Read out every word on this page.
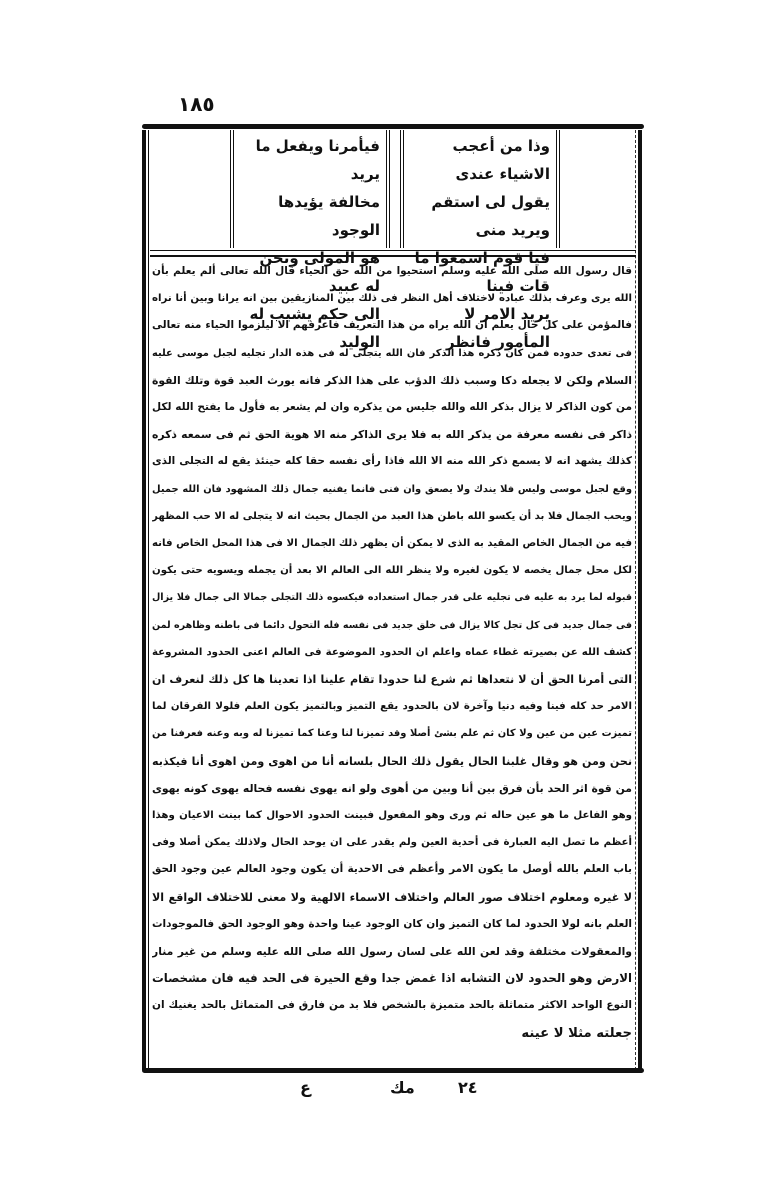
١٨٥
وذا من أعجب الاشياء عندى
يقول لى استقم ويريد منى
فيا قوم اسمعوا ما قات فينا
يريد الامر لا المأمور فانظر
فيأمرنا ويفعل ما يريد
مخالفة يؤيدها الوجود
هو المولى ونحن له عبيد
الى حكم يشيب له الوليد
قال رسول الله صلى الله عليه وسلم استحيوا من الله حق الحياء قال الله تعالى ألم يعلم بأن
الله يرى وعرف بذلك عباده لاختلاف أهل النظر فى ذلك بين المنازيقين بين انه يرانا وبين أنا نراه
فالمؤمن على كل حال يعلم ان الله يراه من هذا التعريف فاعرفهم الا ليلزموا الحياء منه تعالى
فى تعدى حدوده فمن كان ذكره هذا الذكر فان الله يتجلى له فى هذه الدار تجليه لجبل موسى عليه
السلام ولكن لا يجعله دكا وسبب ذلك الدؤب على هذا الذكر فانه يورث العبد قوة وتلك القوة
من كون الذاكر لا يزال بذكر الله والله جليس من يذكره وان لم يشعر به فأول ما يفتح الله لكل
ذاكر فى نفسه معرفة من يذكر الله به فلا يرى الذاكر منه الا هوية الحق ثم فى سمعه ذكره
كذلك يشهد انه لا يسمع ذكر الله منه الا الله فاذا رأى نفسه حقا كله حينئذ يقع له التجلى الذى
وقع لجبل موسى وليس فلا يندك ولا يصعق وان فنى فانما يفنيه جمال ذلك المشهود فان الله جميل
ويحب الجمال فلا بد أن يكسو الله باطن هذا العبد من الجمال بحيث انه لا يتجلى له الا حب المظهر
فيه من الجمال الخاص المقيد به الذى لا يمكن أن يظهر ذلك الجمال الا فى هذا المحل الخاص فانه
لكل محل جمال يخصه لا يكون لغيره ولا ينظر الله الى العالم الا بعد أن يجمله ويسويه حتى يكون
قبوله لما يرد به عليه فى تجليه على قدر جمال استعداده فيكسوه ذلك التجلى جمالا الى جمال فلا يزال
فى جمال جديد فى كل تجل كالا يزال فى خلق جديد فى نفسه فله التحول دائما فى باطنه وظاهره لمن
كشف الله عن بصيرته غطاء عماه واعلم ان الحدود الموضوعة فى العالم اعنى الحدود المشروعة
التى أمرنا الحق أن لا نتعداها ثم شرع لنا حدودا تقام علينا اذا تعدينا ها كل ذلك لنعرف ان
الامر حد كله فينا وفيه دنيا وآخرة لان بالحدود يقع التميز وبالتميز يكون العلم فلولا الفرقان لما
تميزت عين من عين ولا كان ثم علم بشئ أصلا وقد تميزنا لنا وعنا كما تميزنا له وبه وعنه فعرفنا من
نحن ومن هو وقال غلبنا الحال يقول ذلك الحال بلسانه أنا من اهوى ومن اهوى أنا فيكذبه
من قوة اثر الحد بأن فرق بين أنا وبين من أهوى ولو انه يهوى نفسه فحاله يهوى كونه يهوى
وهو الفاعل ما هو عين حاله ثم ورى وهو المفعول فبينت الحدود الاحوال كما بينت الاعيان وهذا
أعظم ما تصل اليه العبارة فى أحدية العين ولم يقدر على ان يوحد الحال ولاذلك يمكن أصلا وفى
باب العلم بالله أوصل ما يكون الامر وأعظم فى الاحدية أن يكون وجود العالم عين وجود الحق
لا غيره ومعلوم اختلاف صور العالم واختلاف الاسماء الالهية ولا معنى للاختلاف الواقع الا
العلم بانه لولا الحدود لما كان التميز وان كان الوجود عينا واحدة وهو الوجود الحق فالموجودات
والمعقولات مختلفة وقد لعن الله على لسان رسول الله صلى الله عليه وسلم من غير منار
الارض وهو الحدود لان التشابه اذا غمض جدا وقع الحيرة فى الحد فيه فان مشخصات
النوع الواحد الاكثر متماثلة بالحد متميزة بالشخص فلا بد من فارق فى المتماثل بالحد يغنيك ان
جعلته مثلا لا عينه
ع	مك	٢٤
